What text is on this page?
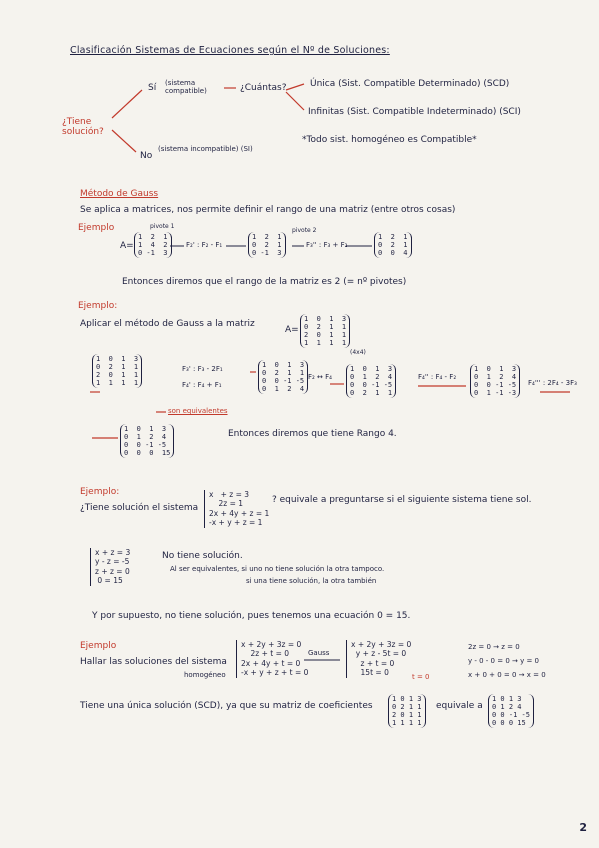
Clasificación Sistemas de Ecuaciones según el Nº de Soluciones:
¿Tiene solución?
Sí (sistema compatible)	¿Cuántas?	Única (Sist. Compatible Determinado) (SCD)
Infinitas (Sist. Compatible Indeterminado) (SCI)
*Todo sist. homogéneo es Compatible*
No
(sistema incompatible) (SI)
Método de Gauss
Se aplica a matrices, nos permite definir el rango de una matriz (entre otros cosas)
Ejemplo
A=
1  2  1
1  4  2
0 -1  3
pivote 1
F₂' : F₂ - F₁
1  2  1
0  2  1
0 -1  3
pivote 2
F₃'' : F₃ + F₂
1  2  1
0  2  1
0  0  4
Entonces diremos que el rango de la matriz es 2 (= nº pivotes)
Ejemplo:
Aplicar el método de Gauss a la matriz
A=
1  0  1  3
0  2  1  1
2  0  1  1
1  1  1  1
(4x4)
1  0  1  3
0  2  1  1
2  0  1  1
1  1  1  1
F₃' : F₃ - 2F₁
F₄' : F₄ + F₁
1  0  1  3
0  2  1  1
0  0 -1 -5
0  1  2  4
F₂ ↔ F₄
1  0  1  3
0  1  2  4
0  0 -1 -5
0  2  1  1
F₄'' : F₄ - F₂
1  0  1  3
0  1  2  4
0  0 -1 -5
0  1 -1 -3
F₄''' : 2F₄ - 3F₃
son equivalentes
1  0  1  3
0  1  2  4
0  0 -1 -5
0  0  0  15
Entonces diremos que tiene Rango 4.
Ejemplo:
¿Tiene solución el sistema
x   + z = 3
2z = 1
2x + 4y + z = 1
-x + y + z = 1
? equivale a preguntarse si el siguiente sistema tiene sol.
x + z = 3
y - z = -5
z + z = 0
0 = 15
No tiene solución.
Al ser equivalentes, si uno no tiene solución la otra tampoco.
si una tiene solución, la otra también
Y por supuesto, no tiene solución, pues tenemos una ecuación 0 = 15.
Ejemplo
Hallar las soluciones del sistema
homogéneo
x + 2y + 3z = 0
2z + t = 0
2x + 4y + t = 0
-x + y + z + t = 0
Gauss
x + 2y + 3z = 0
y + z - 5t = 0
z + t = 0
15t = 0
2z = 0 → z = 0
y - 0 - 0 = 0 → y = 0
x + 0 + 0 = 0 → x = 0
t = 0
Tiene una única solución (SCD), ya que su matriz de coeficientes
1 0 1 3
0 2 1 1
2 0 1 1
1 1 1 1
equivale a
1 0 1 3
0 1 2 4
0 0 -1 -5
0 0 0 15
2
